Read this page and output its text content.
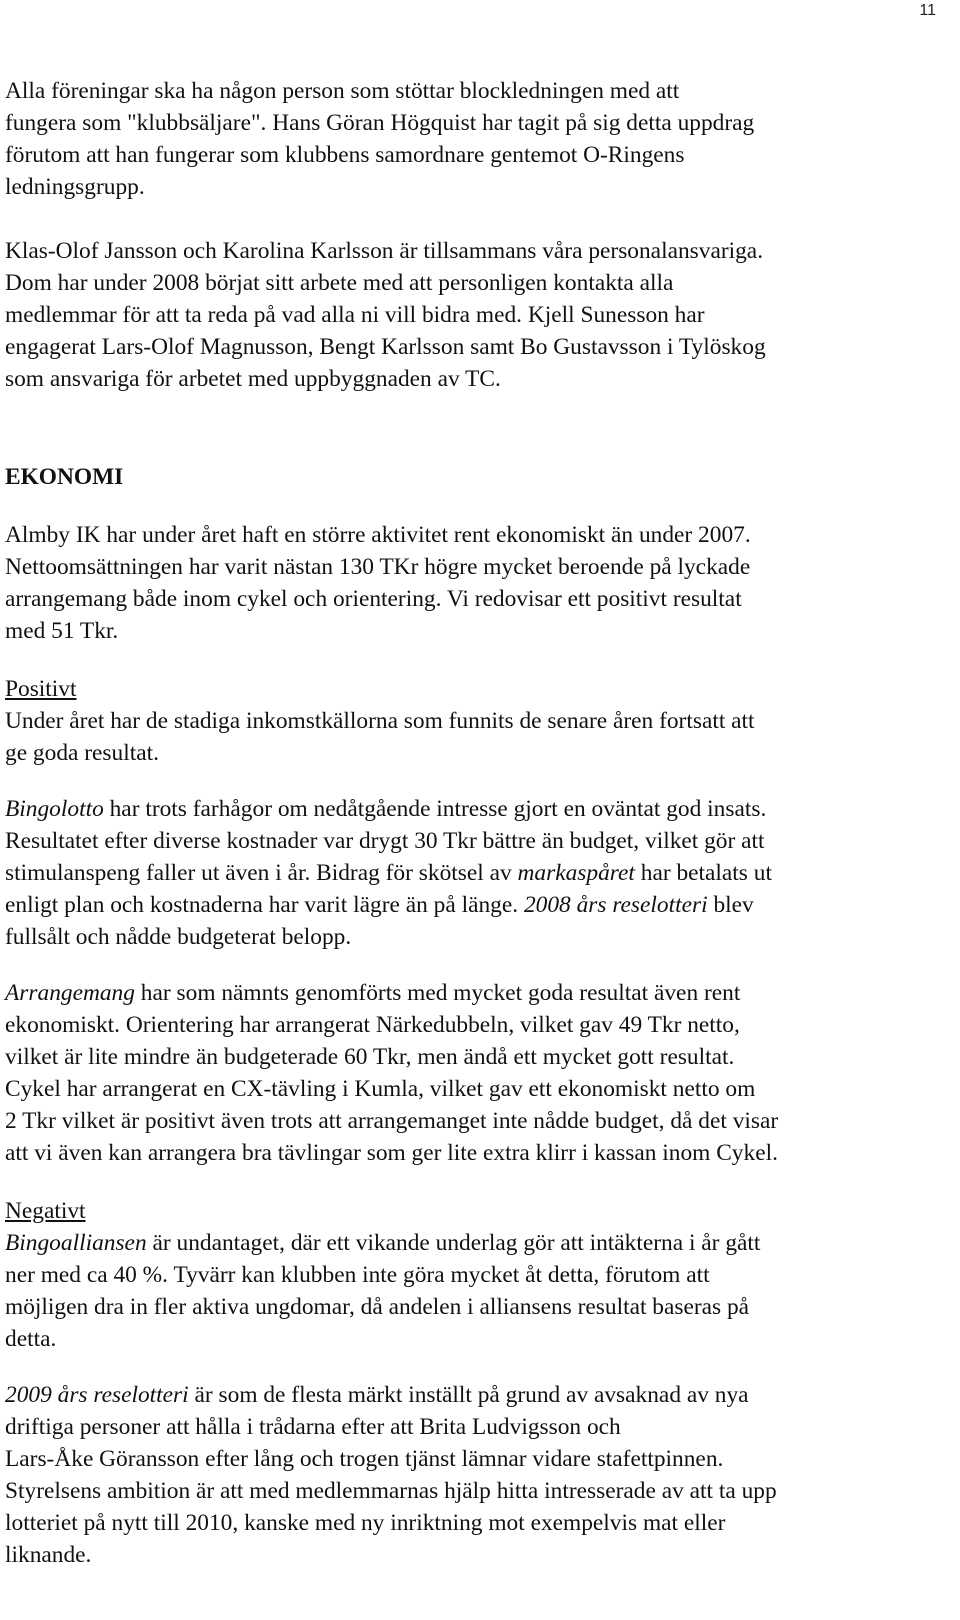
11
Alla föreningar ska ha någon person som stöttar blockledningen med att
fungera som "klubbsäljare". Hans Göran Högquist har tagit på sig detta uppdrag
förutom att han fungerar som klubbens samordnare gentemot O-Ringens
ledningsgrupp.
Klas-Olof Jansson och Karolina Karlsson är tillsammans våra personalansvariga.
Dom har under 2008 börjat sitt arbete med att personligen kontakta alla
medlemmar för att ta reda på vad alla ni vill bidra med. Kjell Sunesson har
engagerat Lars-Olof Magnusson, Bengt Karlsson samt Bo Gustavsson i Tylöskog
som ansvariga för arbetet med uppbyggnaden av TC.
EKONOMI
Almby IK har under året haft en större aktivitet rent ekonomiskt än under 2007.
Nettoomsättningen har varit nästan 130 TKr högre mycket beroende på lyckade
arrangemang både inom cykel och orientering. Vi redovisar ett positivt resultat
med 51 Tkr.
Positivt
Under året har de stadiga inkomstkällorna som funnits de senare åren fortsatt att
ge goda resultat.
Bingolotto har trots farhågor om nedåtgående intresse gjort en oväntat god insats.
Resultatet efter diverse kostnader var drygt 30 Tkr bättre än budget, vilket gör att
stimulanspeng faller ut även i år. Bidrag för skötsel av markaspåret har betalats ut
enligt plan och kostnaderna har varit lägre än på länge. 2008 års reselotteri blev
fullsålt och nådde budgeterat belopp.
Arrangemang har som nämnts genomförts med mycket goda resultat även rent
ekonomiskt. Orientering har arrangerat Närkedubbeln, vilket gav 49 Tkr netto,
vilket är lite mindre än budgeterade 60 Tkr, men ändå ett mycket gott resultat.
Cykel har arrangerat en CX-tävling i Kumla, vilket gav ett ekonomiskt netto om
2 Tkr vilket är positivt även trots att arrangemanget inte nådde budget, då det visar
att vi även kan arrangera bra tävlingar som ger lite extra klirr i kassan inom Cykel.
Negativt
Bingoalliansen är undantaget, där ett vikande underlag gör att intäkterna i år gått
ner med ca 40 %. Tyvärr kan klubben inte göra mycket åt detta, förutom att
möjligen dra in fler aktiva ungdomar, då andelen i alliansens resultat baseras på
detta.
2009 års reselotteri är som de flesta märkt inställt på grund av avsaknad av nya
driftiga personer att hålla i trådarna efter att Brita Ludvigsson och
Lars-Åke Göransson efter lång och trogen tjänst lämnar vidare stafettpinnen.
Styrelsens ambition är att med medlemmarnas hjälp hitta intresserade av att ta upp
lotteriet på nytt till 2010, kanske med ny inriktning mot exempelvis mat eller
liknande.
